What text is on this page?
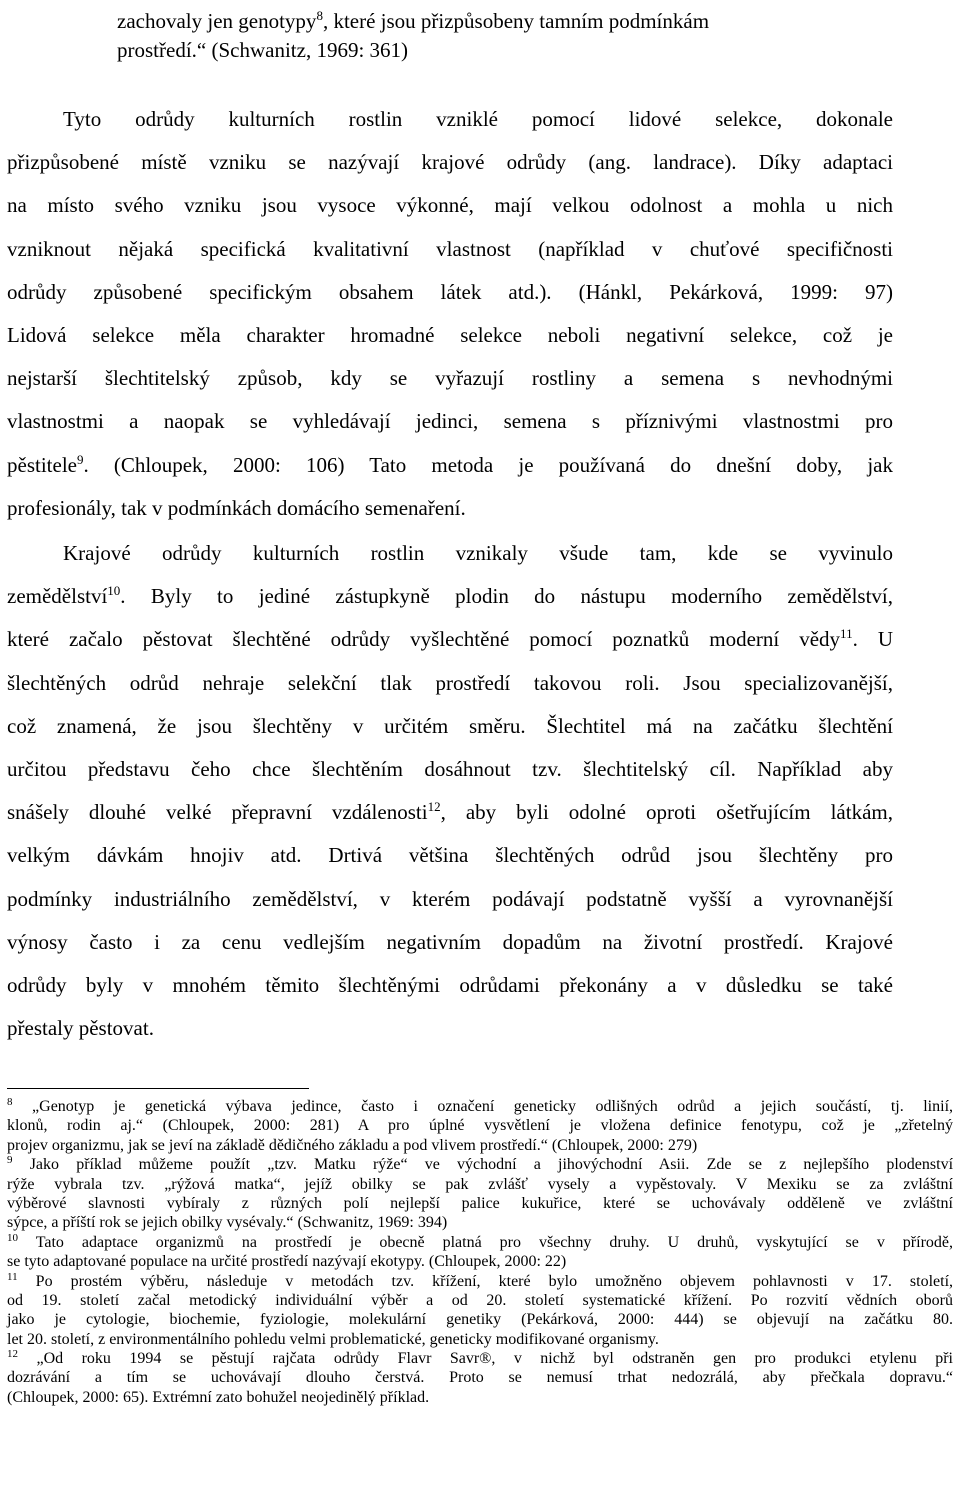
zachovaly jen genotypy$^8$, které jsou přizpůsobeny tamním podmínkám
prostředí.“ (Schwanitz, 1969: 361)
Tyto odrůdy kulturních rostlin vzniklé pomocí lidové selekce, dokonale
přizpůsobené místě vzniku se nazývají krajové odrůdy (ang. landrace). Díky adaptaci
na místo svého vzniku jsou vysoce výkonné, mají velkou odolnost a mohla u nich
vzniknout nějaká specifická kvalitativní vlastnost (například v chuťové specifičnosti
odrůdy způsobené specifickým obsahem látek atd.). (Hánkl, Pekárková, 1999: 97)
Lidová selekce měla charakter hromadné selekce neboli negativní selekce, což je
nejstarší šlechtitelský způsob, kdy se vyřazují rostliny a semena s nevhodnými
vlastnostmi a naopak se vyhledávají jedinci, semena s příznivými vlastnostmi pro
pěstitele$^9$. (Chloupek, 2000: 106) Tato metoda je používaná do dnešní doby, jak
profesionály, tak v podmínkách domácího semenaření.
Krajové odrůdy kulturních rostlin vznikaly všude tam, kde se vyvinulo
zemědělství$^{10}$. Byly to jediné zástupkyně plodin do nástupu moderního zemědělství,
které začalo pěstovat šlechtěné odrůdy vyšlechtěné pomocí poznatků moderní vědy$^{11}$. U
šlechtěných odrůd nehraje selekční tlak prostředí takovou roli. Jsou specializovanější,
což znamená, že jsou šlechtěny v určitém směru. Šlechtitel má na začátku šlechtění
určitou představu čeho chce šlechtěním dosáhnout tzv. šlechtitelský cíl. Například aby
snášely dlouhé velké přepravní vzdálenosti$^{12}$, aby byli odolné oproti ošetřujícím látkám,
velkým dávkám hnojiv atd. Drtivá většina šlechtěných odrůd jsou šlechtěny pro
podmínky industriálního zemědělství, v kterém podávají podstatně vyšší a vyrovnanější
výnosy často i za cenu vedlejším negativním dopadům na životní prostředí. Krajové
odrůdy byly v mnohém těmito šlechtěnými odrůdami překonány a v důsledku se také
přestaly pěstovat.
$^8$ „Genotyp je genetická výbava jedince, často i označení geneticky odlišných odrůd a jejich součástí, tj. linií,
klonů, rodin aj.“ (Chloupek, 2000: 281) A pro úplné vysvětlení je vložena definice fenotypu, což je „zřetelný
projev organizmu, jak se jeví na základě dědičného základu a pod vlivem prostředí.“ (Chloupek, 2000: 279)
$^9$ Jako příklad můžeme použít „tzv. Matku rýže“ ve východní a jihovýchodní Asii. Zde se z nejlepšího plodenství
rýže vybrala tzv. „rýžová matka“, jejíž obilky se pak zvlášť vysely a vypěstovaly. V Mexiku se za zvláštní
výběrové slavnosti vybíraly z různých polí nejlepší palice kukuřice, které se uchovávaly odděleně ve zvláštní
sýpce, a příští rok se jejich obilky vysévaly.“ (Schwanitz, 1969: 394)
$^{10}$ Tato adaptace organizmů na prostředí je obecně platná pro všechny druhy. U druhů, vyskytující se v přírodě,
se tyto adaptované populace na určité prostředí nazývají ekotypy. (Chloupek, 2000: 22)
$^{11}$ Po prostém výběru, následuje v metodách tzv. křížení, které bylo umožněno objevem pohlavnosti v 17. století,
od 19. století začal metodický individuální výběr a od 20. století systematické křížení. Po rozvití vědních oborů
jako je cytologie, biochemie, fyziologie, molekulární genetiky (Pekárková, 2000: 444) se objevují na začátku 80.
let 20. století, z environmentálního pohledu velmi problematické, geneticky modifikované organismy.
$^{12}$ „Od roku 1994 se pěstují rajčata odrůdy Flavr Savr®, v nichž byl odstraněn gen pro produkci etylenu při
dozrávání a tím se uchovávají dlouho čerstvá. Proto se nemusí trhat nedozrálá, aby přečkala dopravu.“
(Chloupek, 2000: 65). Extrémní zato bohužel neojedinělý příklad.
